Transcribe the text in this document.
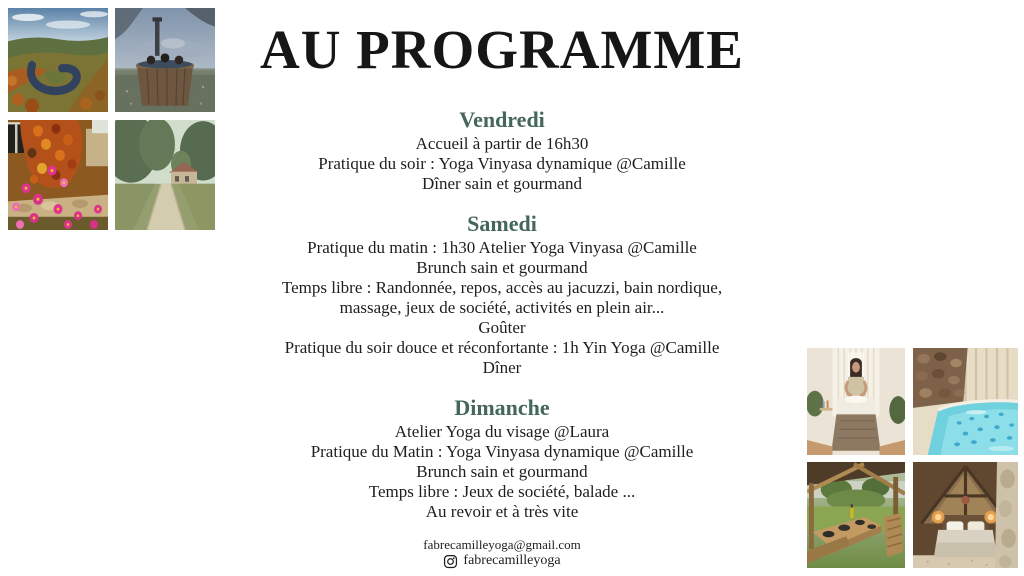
AU PROGRAMME
Vendredi
Accueil à partir de 16h30
Pratique du soir : Yoga Vinyasa dynamique @Camille
Dîner sain et gourmand
Samedi
Pratique du matin : 1h30 Atelier Yoga Vinyasa @Camille
Brunch sain et gourmand
Temps libre : Randonnée, repos, accès au jacuzzi, bain nordique,
massage, jeux de société, activités en plein air...
Goûter
Pratique du soir douce et réconfortante : 1h Yin Yoga @Camille
Dîner
Dimanche
Atelier Yoga du visage @Laura
Pratique du Matin : Yoga Vinyasa dynamique @Camille
Brunch sain et gourmand
Temps libre : Jeux de société, balade ...
Au revoir et à très vite
fabrecamilleyoga@gmail.com
fabrecamilleyoga
